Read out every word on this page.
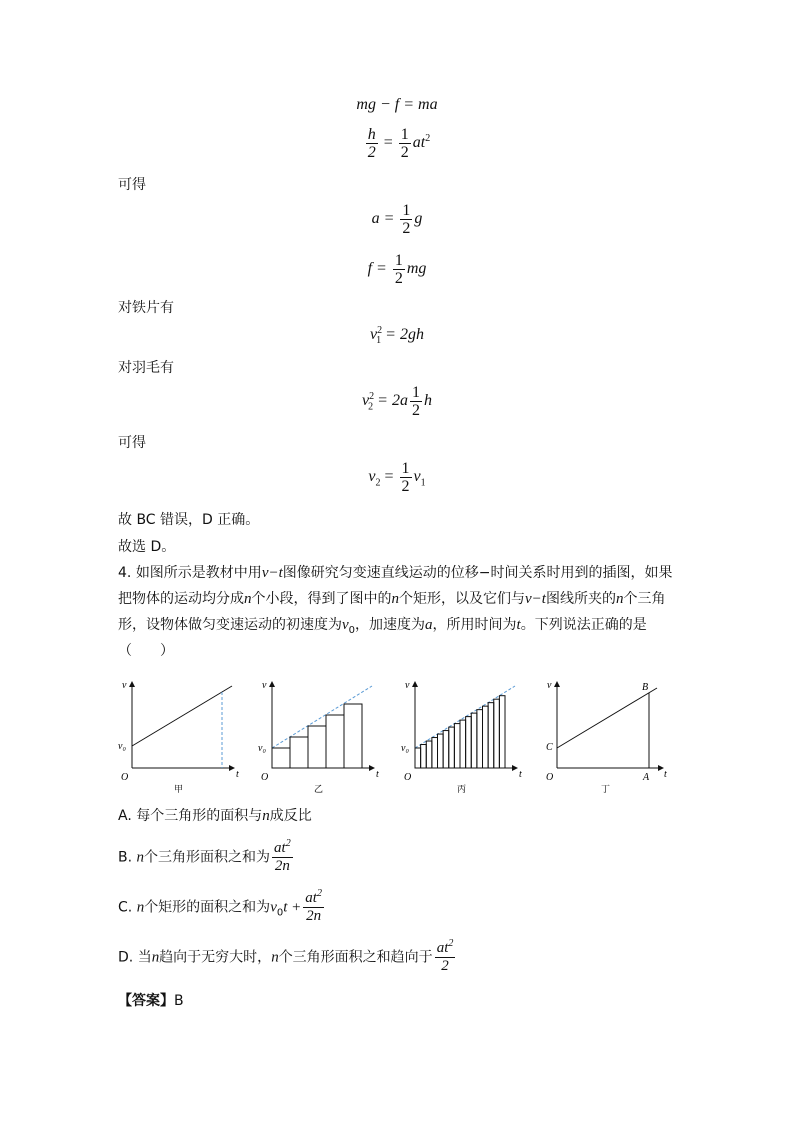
mg − f = ma
$\frac{h}{2} = \frac{1}{2} at^2$
可得
$a = \frac{1}{2}$ g
$f = \frac{1}{2}$ mg
对铁片有
$v^2_1 = 2gh$
对羽毛有
$v^2_2 = 2a \frac{1}{2}$ h
可得
$v_2 = \frac{1}{2} v_1$
故 BC 错误，D 正确。
故选 D。
4. 如图所示是教材中用v−t图像研究匀变速直线运动的位移−时间关系时用到的插图，如果把物体的运动均分成n个小段，得到了图中的n个矩形，以及它们与v−t图线所夹的n个三角形，设物体做匀变速运动的初速度为$v_0$，加速度为a，所用时间为t。下列说法正确的是（　　）
v
t
O
v₀
甲
v
t
O
v₀
乙
v
t
O
v₀
丙
v
t
O
C
B
A
丁
A. 每个三角形的面积与n成反比
B. n个三角形面积之和为 $\frac{at^2}{2n}$
C. n个矩形的面积之和为$v_0t + \frac{at^2}{2n}$
D. 当n趋向于无穷大时，n个三角形面积之和趋向于 $\frac{at^2}{2}$
【答案】B
